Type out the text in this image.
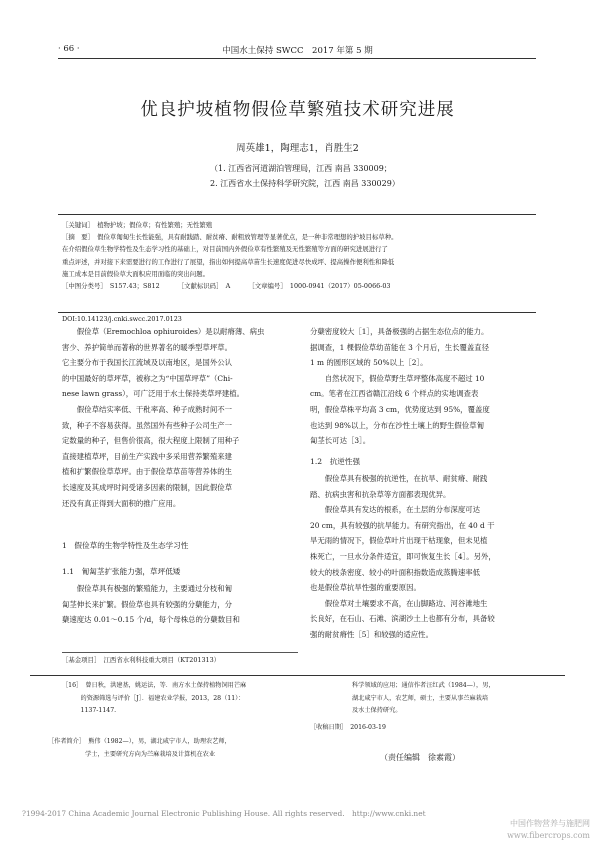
· 66 ·	中国水土保持 SWCC　2017 年第 5 期
优良护坡植物假俭草繁殖技术研究进展
周英雄1，陶理志1，肖胜生2
（1. 江西省河道湖泊管理局，江西 南昌 330009；
2. 江西省水土保持科学研究院，江西 南昌 330029）
［关键词］　植物护坡；假俭草；有性繁殖；无性繁殖
［摘　要］　假俭草匍匐生长性能强，具有耐践踏、耐贫瘠、耐粗放管理等显著优点，是一种非常理想的护坡目标草种。
在介绍假俭草生物学特性及生态学习性的基础上，对目前国内外假俭草有性繁殖及无性繁殖等方面的研究进展进行了
重点评述，并对接下来需要进行的工作进行了展望，指出如何提高草苗生长速度促进尽快成坪、提高操作便利性和降低
施工成本是目前假俭草大面积应用面临的突出问题。
［中图分类号］　S157.43；S812	［文献标识码］　A	［文章编号］　1000-0941（2017）05-0066-03
DOI:10.14123/j.cnki.swcc.2017.0123

　　假俭草（Eremochloa ophiuroides）是以耐瘠薄、病虫

害少、养护简单而著称的世界著名的暖季型草坪草。

它主要分布于我国长江流域及以南地区，是国外公认

的中国最好的草坪草，被称之为“中国草坪草”（Chi-

nese lawn grass），可广泛用于水土保持类草坪建植。

　　假俭草结实率低、干秕率高、种子成熟时间不一

致，种子不容易获得。虽然国外有些种子公司生产一

定数量的种子，但售价很高，很大程度上限制了用种子

直接建植草坪，目前生产实践中多采用营养繁殖来建

植和扩繁假俭草草坪。由于假俭草草苗等营养体的生

长速度及其成坪时间受诸多因素的限制，因此假俭草

还没有真正得到大面积的推广应用。

1　假俭草的生物学特性及生态学习性
1.1　匍匐茎扩张能力强，草坪低矮

　　假俭草具有极强的繁殖能力，主要通过分枝和匍

匐茎伸长来扩繁。假俭草也具有较强的分蘖能力，分

蘖速度达 0.01～0.15 个/d，每个母株总的分蘖数目和

［基金项目］　江西省水利科技重大项目（KT201313）

分蘖密度较大［1］，具备极强的占据生态位点的能力。

据调查，1 棵假俭草幼苗能在 3 个月后，生长覆盖直径

1 m 的圆形区域的 50%以上［2］。

　　自然状况下，假俭草野生草坪整体高度不超过 10

cm。笔者在江西省赣江沿线 6 个样点的实地调查表

明，假俭草株平均高 3 cm，优势度达到 95%，覆盖度

也达到 98%以上，分布在沙性土壤上的野生假俭草匍

匐茎长可达［3］。

1.2　抗逆性强

　　假俭草具有极强的抗逆性，在抗旱、耐贫瘠、耐践

踏、抗病虫害和抗杂草等方面都表现优异。

　　假俭草具有发达的根系，在土层的分布深度可达

20 cm，具有较强的抗旱能力。有研究指出，在 40 d 干

旱无雨的情况下，假俭草叶片出现干枯现象，但未见植

株死亡，一旦水分条件适宜，即可恢复生长［4］。另外，

较大的枝条密度、较小的叶面积指数造成蒸腾速率低

也是假俭草抗旱性强的重要原因。

　　假俭草对土壤要求不高，在山脚路边、河谷滩地生

长良好，在石山、石滩、滨湖沙土上也都有分布，具备较

强的耐贫瘠性［5］和较强的适应性。

［16］　曾日秋，洪建基，姚运法，等．南方水土保持植物饲用芒麻
　　　的资源筛选与评价［J］．福建农业学报，2013，28（11）：
　　　1137-1147.
［作者简介］　熊伟（1982—），男，湖北咸宁市人，助理农艺师，
　　　　　　学士，主要研究方向为苎麻栽培及计算机在农业
科学领域的应用；通信作者汪红武（1984—），男，
湖北咸宁市人，农艺师，硕士，主要从事苎麻栽培
及水土保持研究。
［收稿日期］　2016-03-19
（责任编辑　徐素霞）
?1994-2017 China Academic Journal Electronic Publishing House. All rights reserved.　http://www.cnki.net
中国作物营养与施肥网
www.fibercrops.com
